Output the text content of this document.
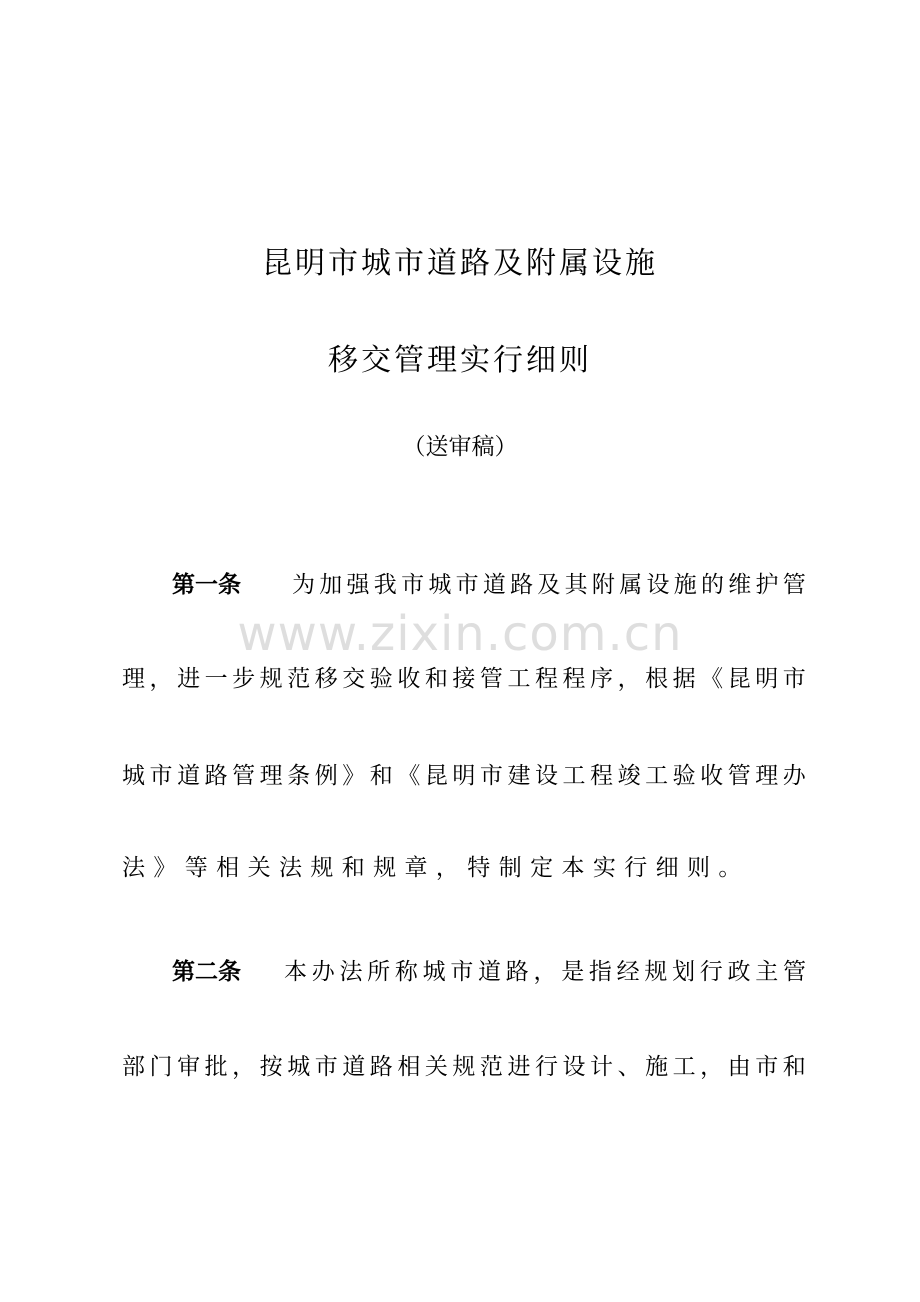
昆明市城市道路及附属设施
移交管理实行细则
（送审稿）
www.zixin.com.cn
第一条 为 加 强 我 市 城 市 道 路 及 其 附 属 设 施 的 维 护 管
理 ， 进 一 步 规 范 移 交 验 收 和 接 管 工 程 程 序 ， 根 据 《 昆 明 市
城 市 道 路 管 理 条 例 》 和 《 昆 明 市 建 设 工 程 竣 工 验 收 管 理 办
法 》 等 相 关 法 规 和 规 章 ， 特 制 定 本 实 行 细 则 。
第二条 本 办 法 所 称 城 市 道 路 ， 是 指 经 规 划 行 政 主 管
部 门 审 批 ， 按 城 市 道 路 相 关 规 范 进 行 设 计 、 施 工 ， 由 市 和
